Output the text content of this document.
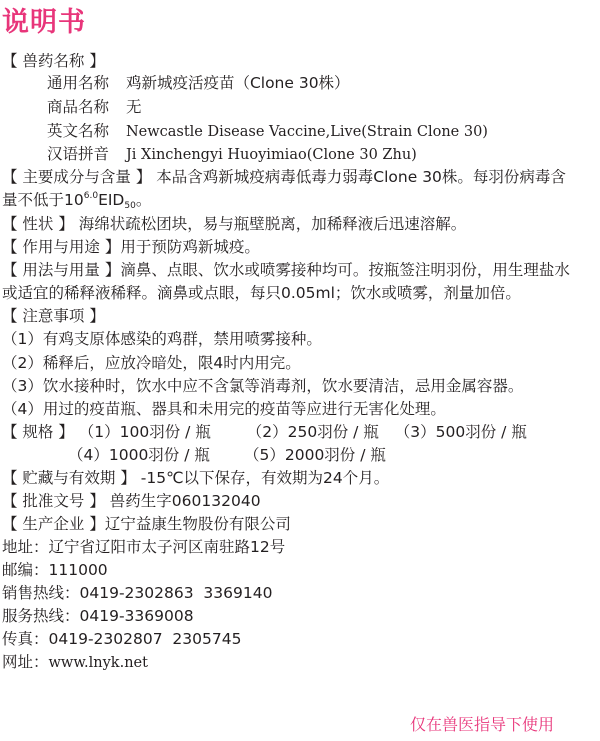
说明书
【 兽药名称 】
通用名称 鸡新城疫活疫苗（Clone 30株）
商品名称 无
英文名称 Newcastle Disease Vaccine,Live(Strain Clone 30)
汉语拼音 Ji Xinchengyi Huoyimiao(Clone 30 Zhu)
【 主要成分与含量 】 本品含鸡新城疫病毒低毒力弱毒Clone 30株。每羽份病毒含
量不低于$10^{6.0}EID_{50}$。
【 性状 】 海绵状疏松团块，易与瓶壁脱离，加稀释液后迅速溶解。
【 作用与用途 】用于预防鸡新城疫。
【 用法与用量 】滴鼻、点眼、饮水或喷雾接种均可。按瓶签注明羽份，用生理盐水
或适宜的稀释液稀释。滴鼻或点眼，每只0.05ml；饮水或喷雾，剂量加倍。
【 注意事项 】
（1）有鸡支原体感染的鸡群，禁用喷雾接种。
（2）稀释后，应放冷暗处，限4时内用完。
（3）饮水接种时，饮水中应不含氯等消毒剂，饮水要清洁，忌用金属容器。
（4）用过的疫苗瓶、器具和未用完的疫苗等应进行无害化处理。
【 规格 】 （1）100羽份 / 瓶 （2）250羽份 / 瓶 （3）500羽份 / 瓶
（4）1000羽份 / 瓶 （5）2000羽份 / 瓶
【 贮藏与有效期 】 -15℃以下保存，有效期为24个月。
【 批准文号 】 兽药生字060132040
【 生产企业 】辽宁益康生物股份有限公司
地址：辽宁省辽阳市太子河区南驻路12号
邮编：111000
销售热线：0419-2302863  3369140
服务热线：0419-3369008
传真：0419-2302807  2305745
网址：www.lnyk.net
仅在兽医指导下使用
